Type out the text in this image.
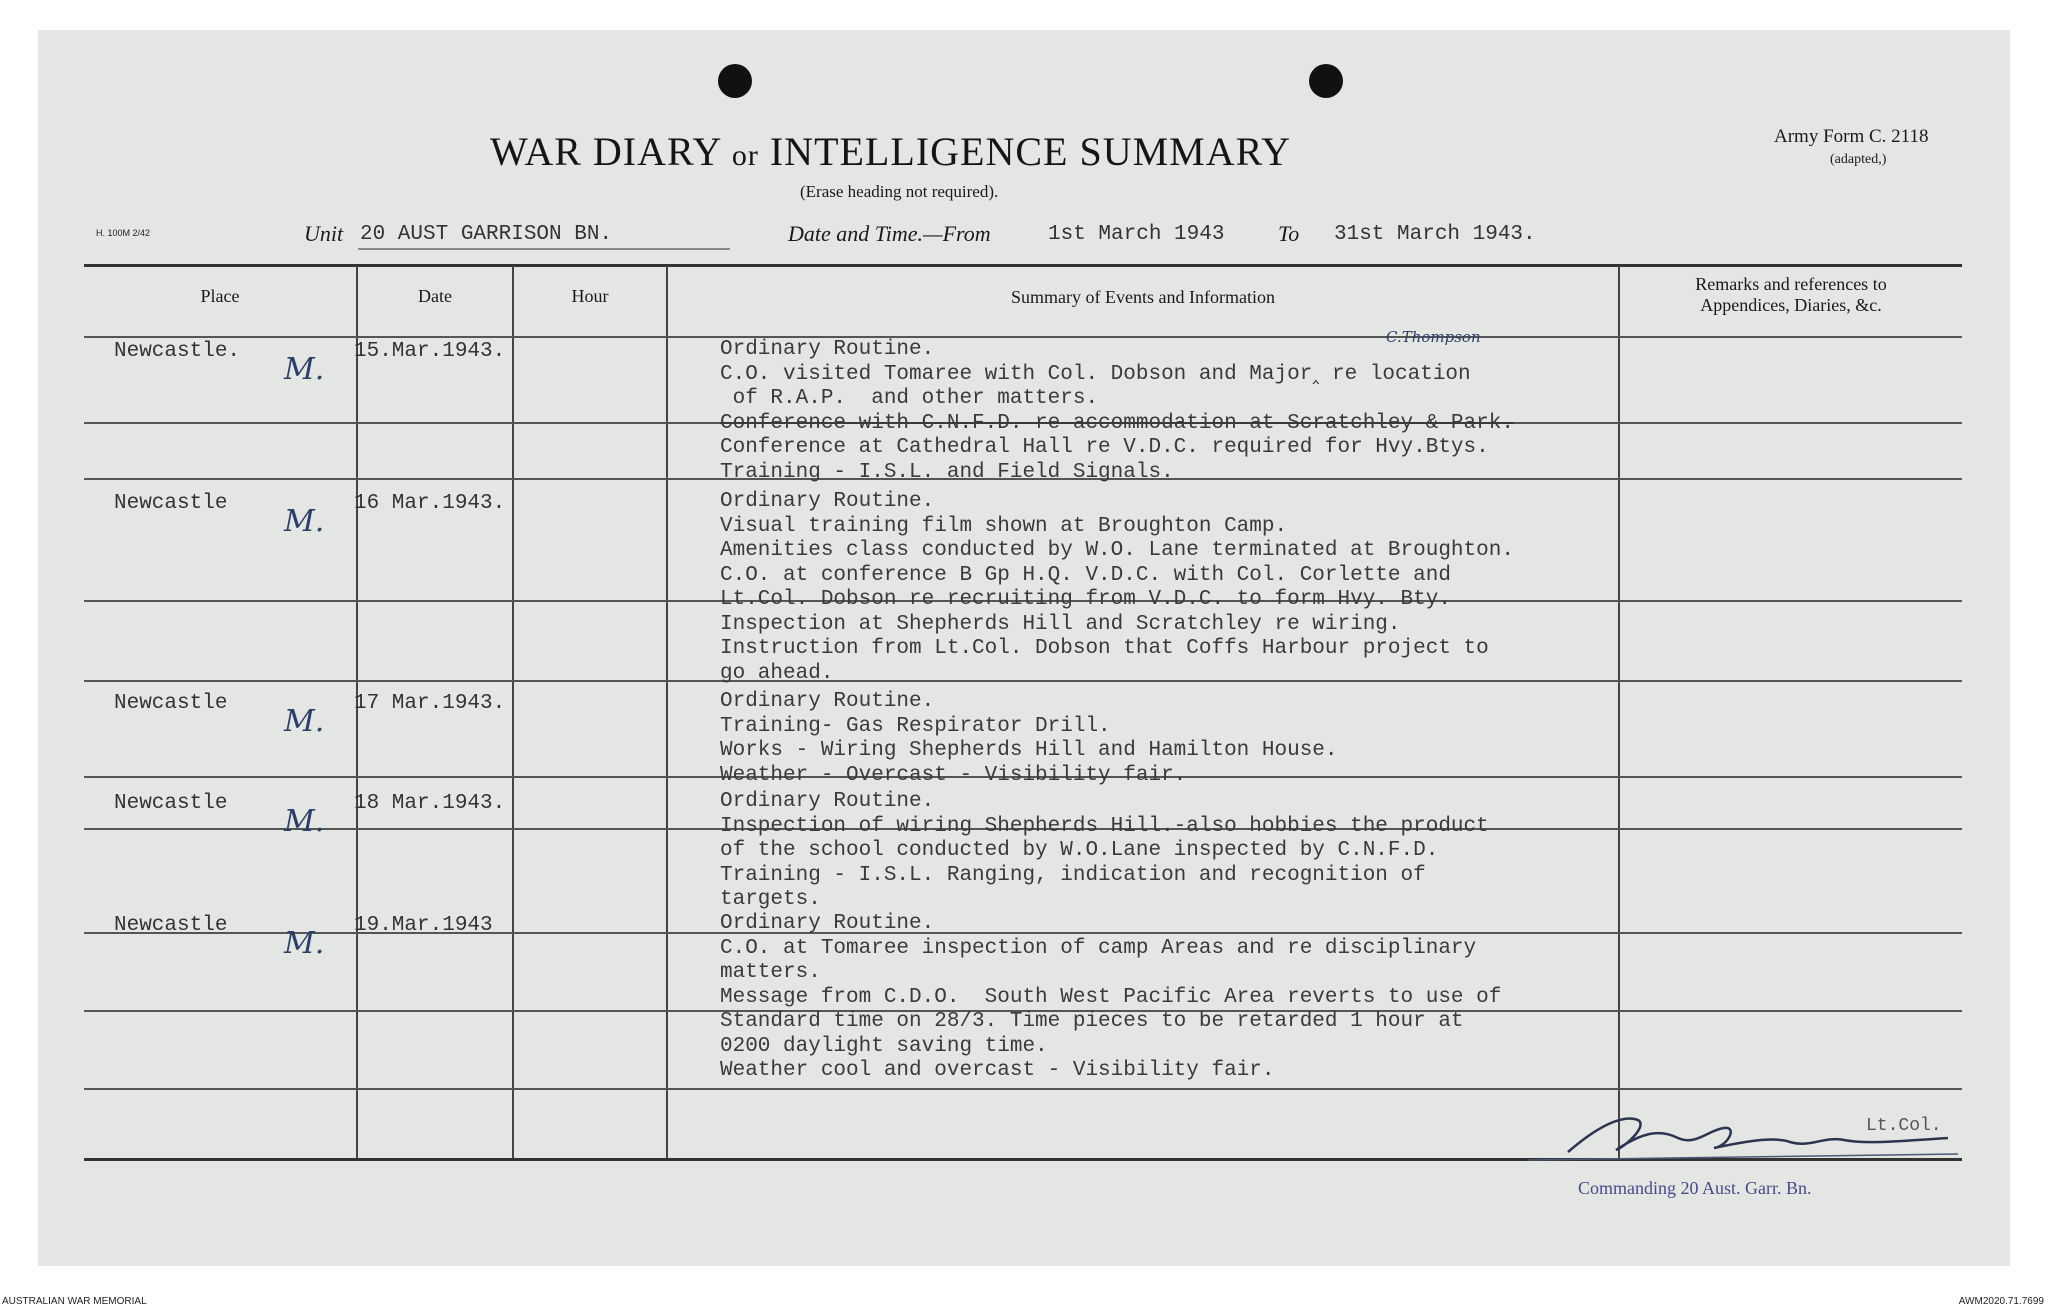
WAR DIARY or INTELLIGENCE SUMMARY
(Erase heading not required).
Army Form C. 2118
(adapted,)
H. 100M 2/42	Unit 20 AUST GARRISON BN.	Date and Time.—From	1st March 1943 To 31st March 1943.
Place	Date	Hour	Summary of Events and Information
Remarks and references to
Appendices, Diaries, &c.
Newcastle.	15.Mar.1943.
M.
C.Thompson
Ordinary Routine.
C.O. visited Tomaree with Col. Dobson and Major‸ re location
of R.A.P.  and other matters.
Conference with C.N.F.D. re accommodation at Scratchley & Park.
Conference at Cathedral Hall re V.D.C. required for Hvy.Btys.
Training - I.S.L. and Field Signals.
Newcastle	16 Mar.1943.
M.
Ordinary Routine.
Visual training film shown at Broughton Camp.
Amenities class conducted by W.O. Lane terminated at Broughton.
C.O. at conference B Gp H.Q. V.D.C. with Col. Corlette and
Lt.Col. Dobson re recruiting from V.D.C. to form Hvy. Bty.
Inspection at Shepherds Hill and Scratchley re wiring.
Instruction from Lt.Col. Dobson that Coffs Harbour project to
go ahead.
Newcastle	17 Mar.1943.
M.
Ordinary Routine.
Training- Gas Respirator Drill.
Works - Wiring Shepherds Hill and Hamilton House.
Weather - Overcast - Visibility fair.
Newcastle	18 Mar.1943.
M.
Ordinary Routine.
Inspection of wiring Shepherds Hill.-also hobbies the product
of the school conducted by W.O.Lane inspected by C.N.F.D.
Training - I.S.L. Ranging, indication and recognition of
targets.
Newcastle	19.Mar.1943
M.
Ordinary Routine.
C.O. at Tomaree inspection of camp Areas and re disciplinary
matters.
Message from C.D.O.  South West Pacific Area reverts to use of
Standard time on 28/3. Time pieces to be retarded 1 hour at
0200 daylight saving time.
Weather cool and overcast - Visibility fair.
Lt.Col.
Commanding 20 Aust. Garr. Bn.
AUSTRALIAN WAR MEMORIAL	AWM2020.71.7699
